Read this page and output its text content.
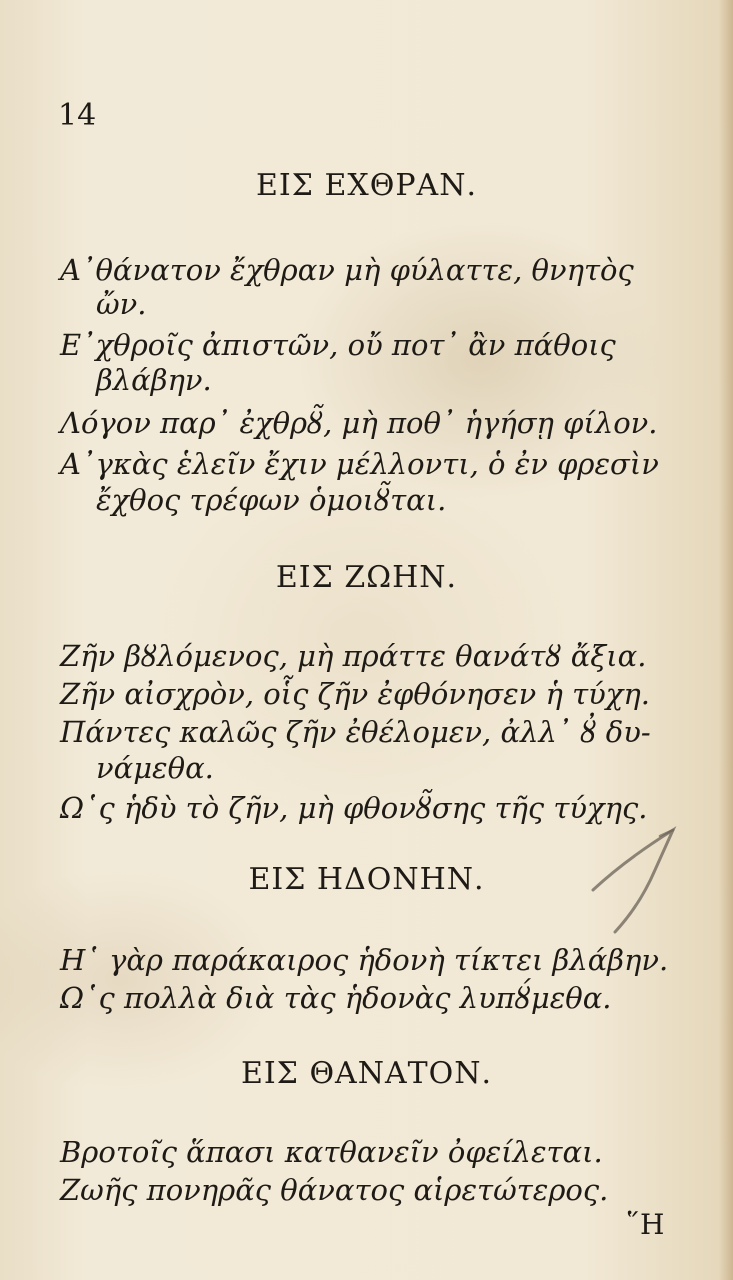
14
ΕΙΣ ΕΧΘΡΑΝ.
Α᾿θάνατον ἔχθραν μὴ φύλαττε, θνητὸς
ὤν.
Ε᾿χθροῖς ἀπιστῶν, οὔ ποτ᾿ ἂν πάθοις
βλάβην.
Λόγον παρ᾿ ἐχθρȣ̃, μὴ ποθ᾿ ἡγήσῃ φίλον.
Α᾿γκὰς ἑλεῖν ἔχιν μέλλοντι, ὁ ἐν φρεσὶν
ἔχθος τρέφων ὁμοιȣ̃ται.
ΕΙΣ ΖΩΗΝ.
Ζῆν βȣλόμενος, μὴ πράττε θανάτȣ ἄξια.
Ζῆν αἰσχρὸν, οἷς ζῆν ἐφθόνησεν ἡ τύχη.
Πάντες καλῶς ζῆν ἐθέλομεν, ἀλλ᾿ ȣ̓ δυ-
νάμεθα.
Ω῾ς ἡδὺ τὸ ζῆν, μὴ φθονȣ̃σης τῆς τύχης.
ΕΙΣ ΗΔΟΝΗΝ.
Η῾ γὰρ παράκαιρος ἡδονὴ τίκτει βλάβην.
Ω῾ς πολλὰ διὰ τὰς ἡδονὰς λυπȣ́μεθα.
ΕΙΣ ΘΑΝΑΤΟΝ.
Βροτοῖς ἅπασι κατθανεῖν ὀφείλεται.
Ζωῆς πονηρᾶς θάνατος αἱρετώτερος.
῞Η
